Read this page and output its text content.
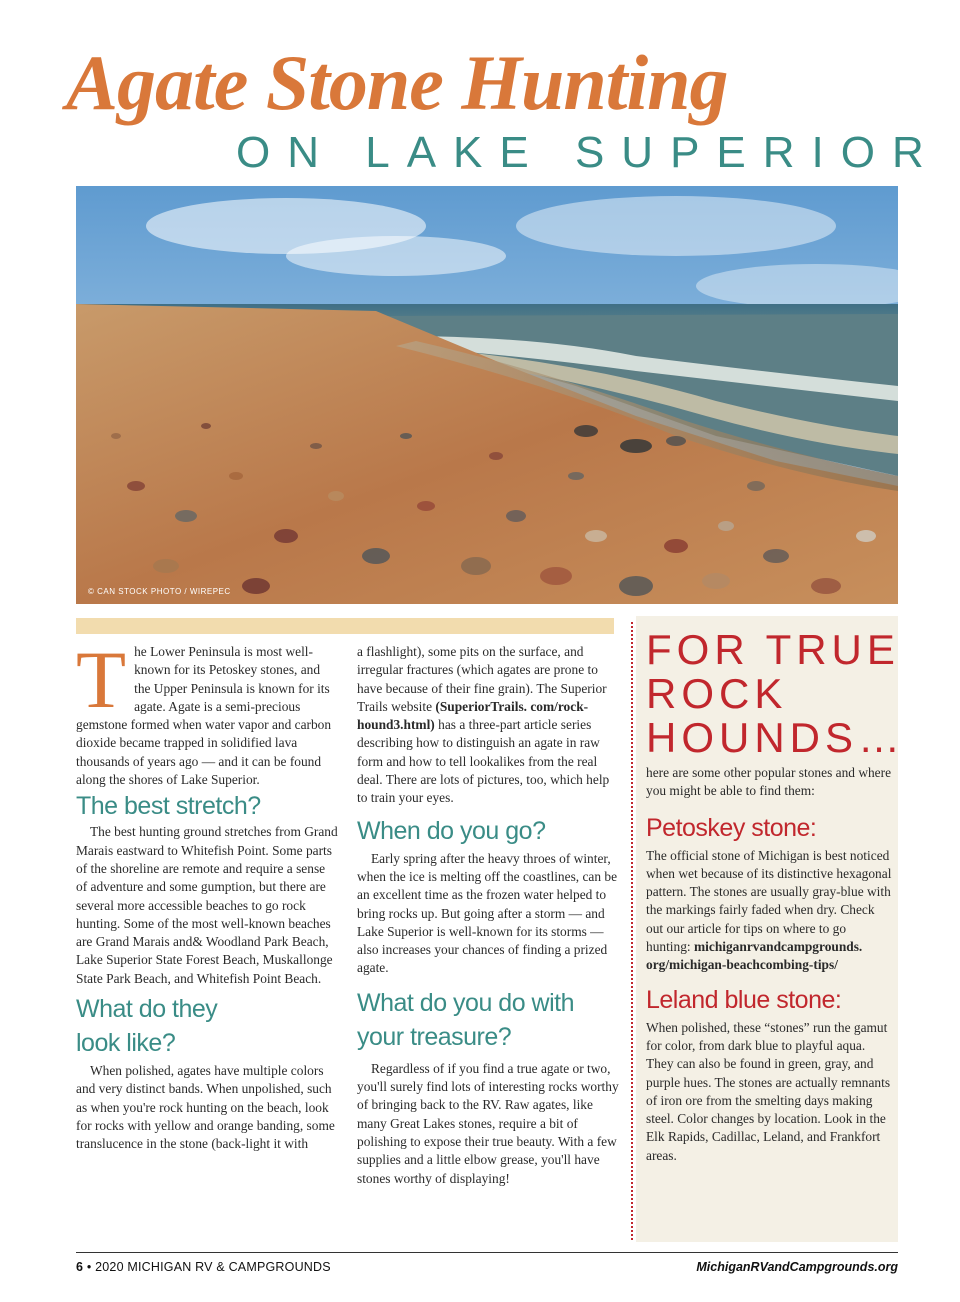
Agate Stone Hunting
ON LAKE SUPERIOR
© CAN STOCK PHOTO / WIREPEC

The Lower Peninsula is most well-known for its Petoskey stones, and the Upper Peninsula is known for its agate. Agate is a semi-precious gemstone formed when water vapor and carbon dioxide became trapped in solidified lava thousands of years ago — and it can be found along the shores of Lake Superior.

The best stretch?

The best hunting ground stretches from Grand Marais eastward to Whitefish Point. Some parts of the shoreline are remote and require a sense of adventure and some gumption, but there are several more accessible beaches to go rock hunting. Some of the most well-known beaches are Grand Marais and& Woodland Park Beach, Lake Superior State Forest Beach, Muskallonge State Park Beach, and Whitefish Point Beach.

What do they
look like?

When polished, agates have multiple colors and very distinct bands. When unpolished, such as when you're rock hunting on the beach, look for rocks with yellow and orange banding, some translucence in the stone (back-light it with

a flashlight), some pits on the surface, and irregular fractures (which agates are prone to have because of their fine grain). The Superior Trails website (SuperiorTrails. com/rock-hound3.html) has a three-part article series describing how to distinguish an agate in raw form and how to tell lookalikes from the real deal. There are lots of pictures, too, which help to train your eyes.

When do you go?

Early spring after the heavy throes of winter, when the ice is melting off the coastlines, can be an excellent time as the frozen water helped to bring rocks up. But going after a storm — and Lake Superior is well-known for its storms — also increases your chances of finding a prized agate.

What do you do with
your treasure?

Regardless of if you find a true agate or two, you'll surely find lots of interesting rocks worthy of bringing back to the RV. Raw agates, like many Great Lakes stones, require a bit of polishing to expose their true beauty. With a few supplies and a little elbow grease, you'll have stones worthy of displaying!

FOR TRUE
ROCK
HOUNDS…

here are some other popular stones and where you might be able to find them:

Petoskey stone:

The official stone of Michigan is best noticed when wet because of its distinctive hexagonal pattern. The stones are usually gray-blue with the markings fairly faded when dry. Check out our article for tips on where to go hunting: michiganrvandcampgrounds. org/michigan-beachcombing-tips/

Leland blue stone:

When polished, these “stones” run the gamut for color, from dark blue to playful aqua. They can also be found in green, gray, and purple hues. The stones are actually remnants of iron ore from the smelting days making steel. Color changes by location. Look in the Elk Rapids, Cadillac, Leland, and Frankfort areas.

6 • 2020 MICHIGAN RV & CAMPGROUNDS	MichiganRVandCampgrounds.org
